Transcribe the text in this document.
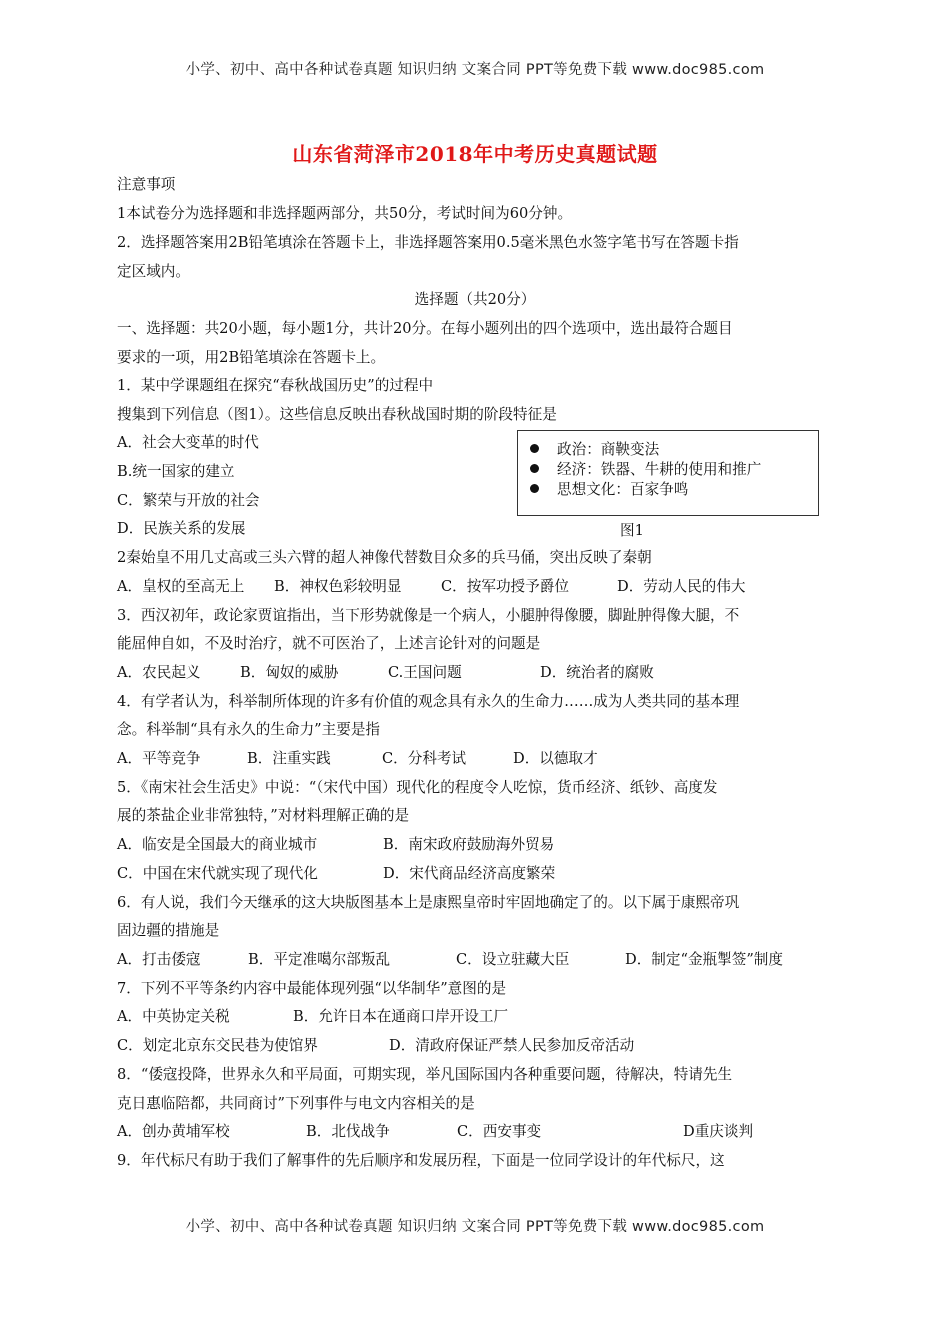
小学、初中、高中各种试卷真题 知识归纳 文案合同 PPT等免费下载 www.doc985.com
山东省菏泽市2018年中考历史真题试题
注意事项
1本试卷分为选择题和非选择题两部分，共50分，考试时间为60分钟。
2．选择题答案用2B铅笔填涂在答题卡上，非选择题答案用0.5毫米黑色水签字笔书写在答题卡指
定区域内。
选择题（共20分）
一、选择题：共20小题，每小题1分，共计20分。在每小题列出的四个选项中，选出最符合题目
要求的一项，用2B铅笔填涂在答题卡上。
1．某中学课题组在探究“春秋战国历史”的过程中
搜集到下列信息（图1）。这些信息反映出春秋战国时期的阶段特征是
A．社会大变革的时代
B.统一国家的建立
C．繁荣与开放的社会
D．民族关系的发展
政治：商鞅变法
经济：铁器、牛耕的使用和推广
思想文化：百家争鸣
图1
2秦始皇不用几丈高或三头六臂的超人神像代替数目众多的兵马俑，突出反映了秦朝
A．皇权的至高无上 B．神权色彩较明显	C．按军功授予爵位	D．劳动人民的伟大
3．西汉初年，政论家贾谊指出，当下形势就像是一个病人，小腿肿得像腰，脚趾肿得像大腿，不
能屈伸自如，不及时治疗，就不可医治了，上述言论针对的问题是
A．农民起义	B．匈奴的威胁	C.王国问题	D．统治者的腐败
4．有学者认为，科举制所体现的许多有价值的观念具有永久的生命力……成为人类共同的基本理
念。科举制“具有永久的生命力”主要是指
A．平等竞争	B．注重实践	C．分科考试	D．以德取才
5．《南宋社会生活史》中说：“（宋代中国）现代化的程度令人吃惊，货币经济、纸钞、高度发
展的茶盐企业非常独特，”对材料理解正确的是
A．临安是全国最大的商业城市	B．南宋政府鼓励海外贸易
C．中国在宋代就实现了现代化	D．宋代商品经济高度繁荣
6．有人说，我们今天继承的这大块版图基本上是康熙皇帝时牢固地确定了的。以下属于康熙帝巩
固边疆的措施是
A．打击倭寇	B．平定准噶尔部叛乱	C．设立驻藏大臣	D．制定“金瓶掣签”制度
7．下列不平等条约内容中最能体现列强“以华制华”意图的是
A．中英协定关税	B．允许日本在通商口岸开设工厂
C．划定北京东交民巷为使馆界	D．清政府保证严禁人民参加反帝活动
8．“倭寇投降，世界永久和平局面，可期实现，举凡国际国内各种重要问题，待解决，特请先生
克日惠临陪都，共同商讨”下列事件与电文内容相关的是
A．创办黄埔军校	B．北伐战争	C．西安事变	D重庆谈判
9．年代标尺有助于我们了解事件的先后顺序和发展历程，下面是一位同学设计的年代标尺，这
小学、初中、高中各种试卷真题 知识归纳 文案合同 PPT等免费下载 www.doc985.com
